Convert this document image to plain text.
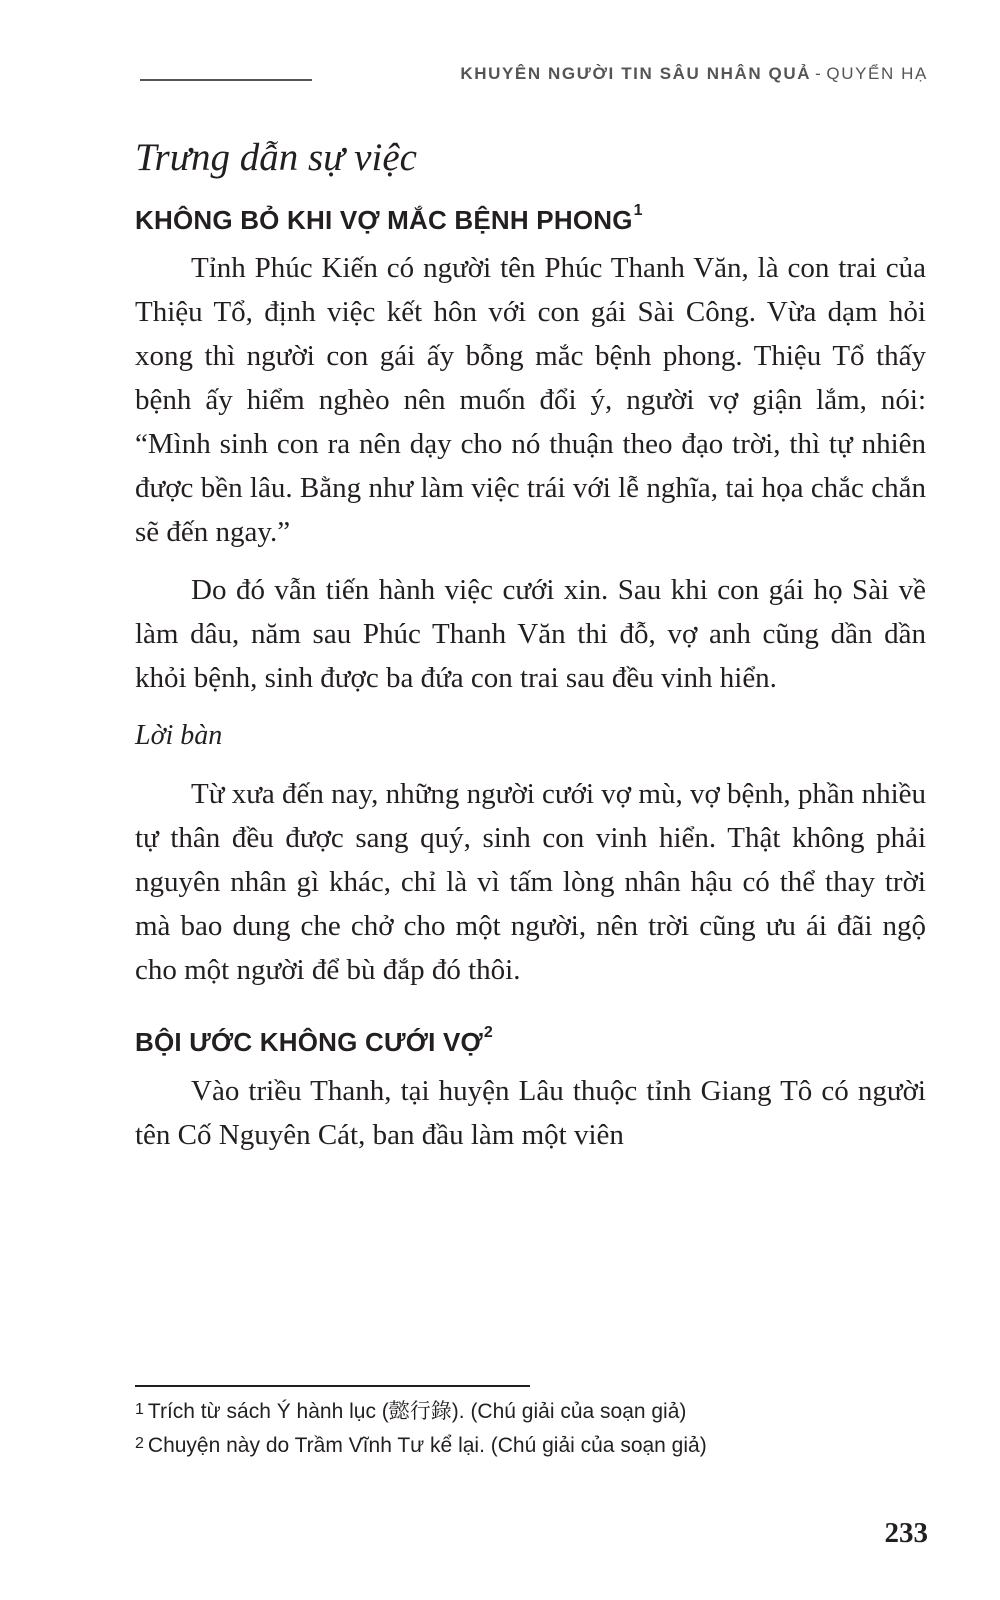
KHUYÊN NGƯỜI TIN SÂU NHÂN QUẢ - QUYỂN HẠ
Trưng dẫn sự việc
KHÔNG BỎ KHI VỢ MẮC BỆNH PHONG$^1$

Tỉnh Phúc Kiến có người tên Phúc Thanh Văn, là con trai của Thiệu Tổ, định việc kết hôn với con gái Sài Công. Vừa dạm hỏi xong thì người con gái ấy bỗng mắc bệnh phong. Thiệu Tổ thấy bệnh ấy hiểm nghèo nên muốn đổi ý, người vợ giận lắm, nói: “Mình sinh con ra nên dạy cho nó thuận theo đạo trời, thì tự nhiên được bền lâu. Bằng như làm việc trái với lễ nghĩa, tai họa chắc chắn sẽ đến ngay.”

Do đó vẫn tiến hành việc cưới xin. Sau khi con gái họ Sài về làm dâu, năm sau Phúc Thanh Văn thi đỗ, vợ anh cũng dần dần khỏi bệnh, sinh được ba đứa con trai sau đều vinh hiển.

Lời bàn

Từ xưa đến nay, những người cưới vợ mù, vợ bệnh, phần nhiều tự thân đều được sang quý, sinh con vinh hiển. Thật không phải nguyên nhân gì khác, chỉ là vì tấm lòng nhân hậu có thể thay trời mà bao dung che chở cho một người, nên trời cũng ưu ái đãi ngộ cho một người để bù đắp đó thôi.

BỘI ƯỚC KHÔNG CƯỚI VỢ$^2$

Vào triều Thanh, tại huyện Lâu thuộc tỉnh Giang Tô có người tên Cố Nguyên Cát, ban đầu làm một viên

$^1$ Trích từ sách Ý hành lục (懿行錄). (Chú giải của soạn giả)
$^2$ Chuyện này do Trầm Vĩnh Tư kể lại. (Chú giải của soạn giả)
233
